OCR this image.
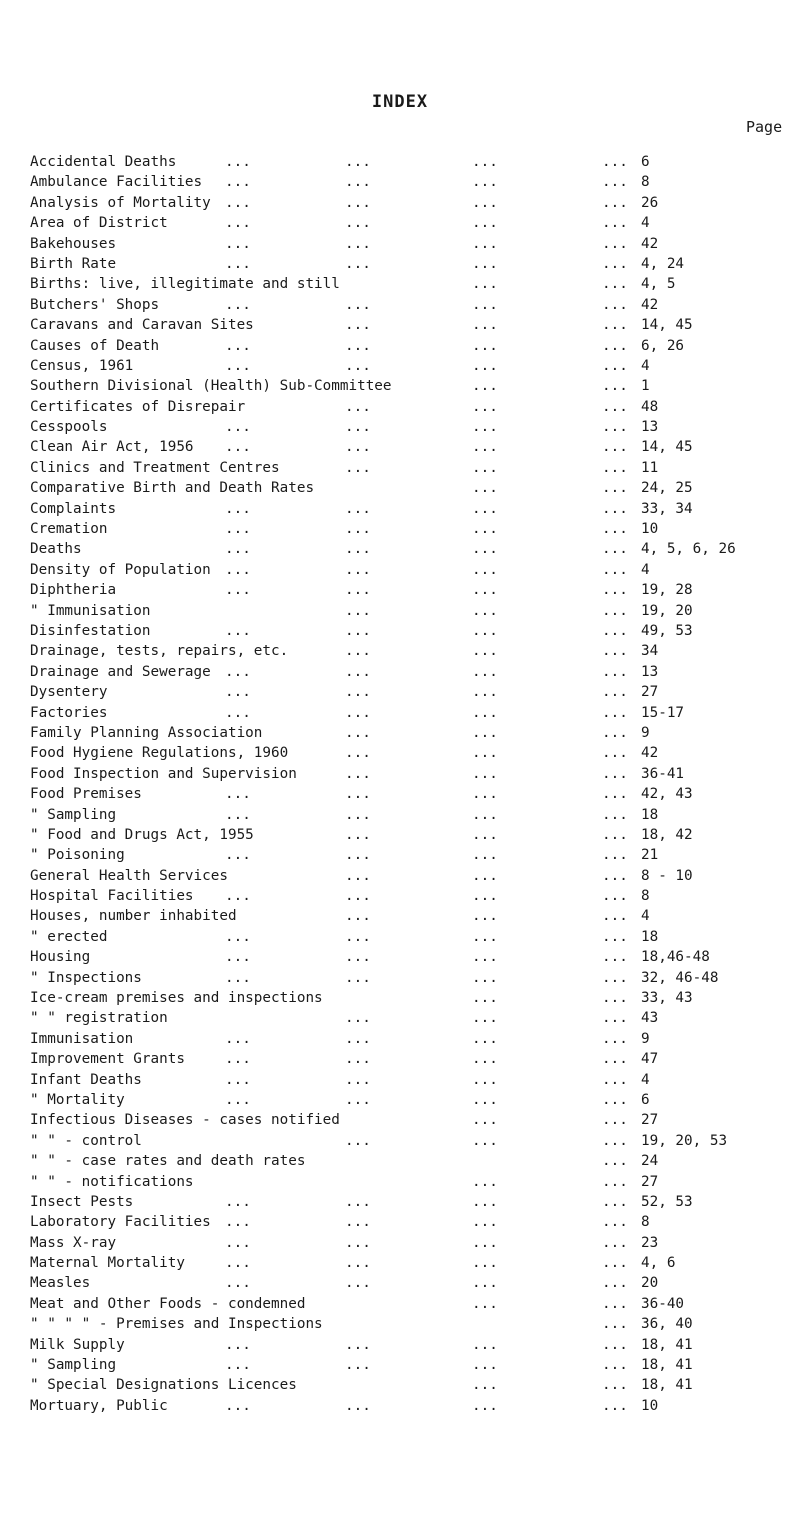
INDEX
Page
Accidental Deaths	...	...	...	... 6
Ambulance Facilities ...	...	...	... 8
Analysis of Mortality ...	...	...	... 26
Area of District	...	...	...	... 4
Bakehouses	...	...	...	... 42
Birth Rate	...	...	...	... 4, 24
Births: live, illegitimate and still	...	... 4, 5
Butchers' Shops	...	...	...	... 42
Caravans and Caravan Sites	...	...	... 14, 45
Causes of Death	...	...	...	... 6, 26
Census, 1961	...	...	...	... 4
Southern Divisional (Health) Sub-Committee	...	... 1
Certificates of Disrepair	...	...	... 48
Cesspools	...	...	...	... 13
Clean Air Act, 1956 ...	...	...	... 14, 45
Clinics and Treatment Centres	...	...	... 11
Comparative Birth and Death Rates	...	... 24, 25
Complaints	...	...	...	... 33, 34
Cremation	...	...	...	... 10
Deaths	...	...	...	... 4, 5, 6, 26
Density of Population ...	...	...	... 4
Diphtheria	...	...	...	... 19, 28
" Immunisation	...	...	... 19, 20
Disinfestation	...	...	...	... 49, 53
Drainage, tests, repairs, etc.	...	...	... 34
Drainage and Sewerage ...	...	...	... 13
Dysentery	...	...	...	... 27
Factories	...	...	...	... 15-17
Family Planning Association	...	...	... 9
Food Hygiene Regulations, 1960	...	...	... 42
Food Inspection and Supervision	...	...	... 36-41
Food Premises	...	...	...	... 42, 43
" Sampling	...	...	...	... 18
" Food and Drugs Act, 1955	...	...	... 18, 42
" Poisoning	...	...	...	... 21
General Health Services	...	...	... 8 - 10
Hospital Facilities ...	...	...	... 8
Houses, number inhabited	...	...	... 4
" erected	...	...	...	... 18
Housing	...	...	...	... 18,46-48
" Inspections	...	...	...	... 32, 46-48
Ice-cream premises and inspections	...	... 33, 43
" " registration	...	...	... 43
Immunisation	...	...	...	... 9
Improvement Grants	...	...	...	... 47
Infant Deaths	...	...	...	... 4
" Mortality	...	...	...	... 6
Infectious Diseases - cases notified	...	... 27
" " - control	...	...	... 19, 20, 53
" " - case rates and death rates	... 24
" " - notifications	...	... 27
Insect Pests	...	...	...	... 52, 53
Laboratory Facilities ...	...	...	... 8
Mass X-ray	...	...	...	... 23
Maternal Mortality	...	...	...	... 4, 6
Measles	...	...	...	... 20
Meat and Other Foods - condemned	...	... 36-40
" " " " - Premises and Inspections	... 36, 40
Milk Supply	...	...	...	... 18, 41
" Sampling	...	...	...	... 18, 41
" Special Designations Licences	...	... 18, 41
Mortuary, Public	...	...	...	... 10
